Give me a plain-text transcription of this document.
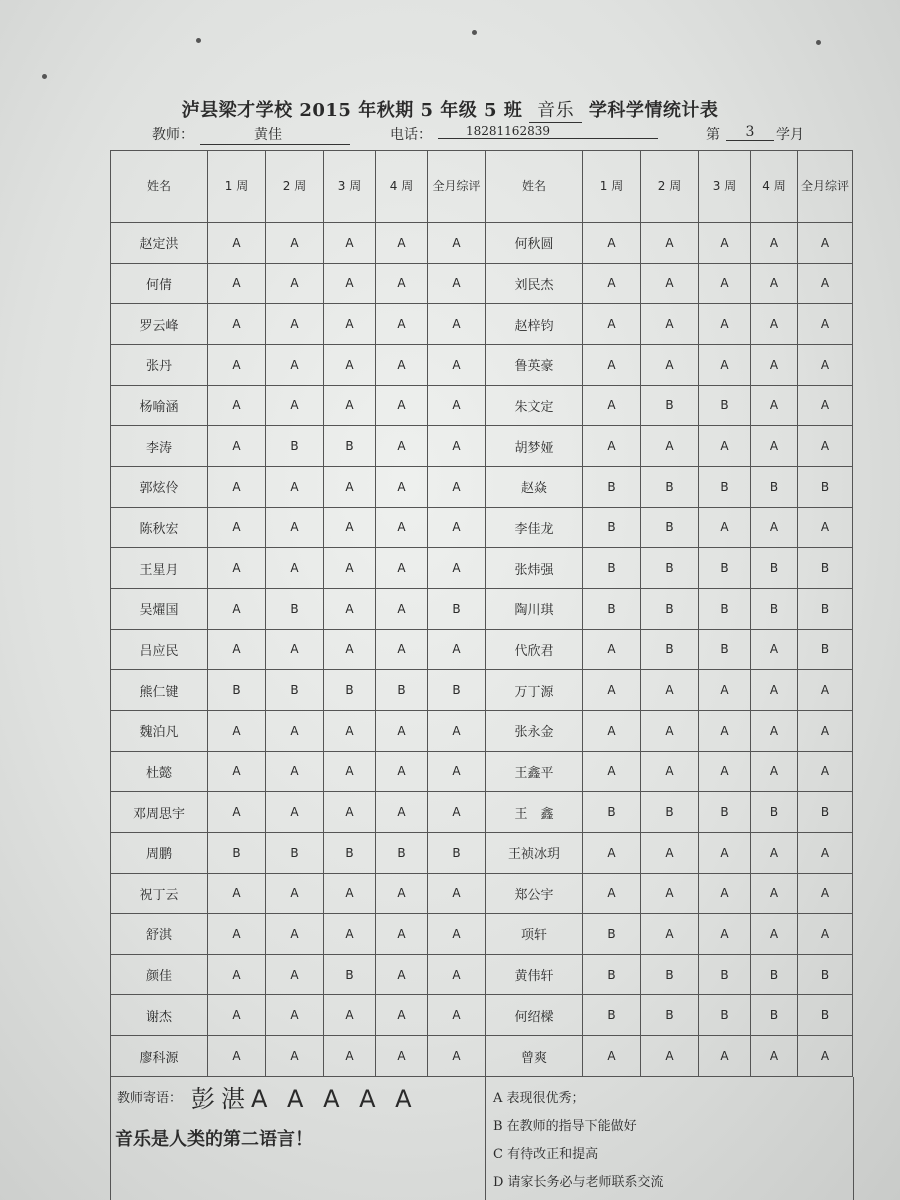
泸县梁才学校 2015 年秋期 5 年级 5 班 音乐 学科学情统计表
教师：	黄佳	电话：	18281162839	第	3	学月
姓名	1 周	2 周	3 周	4 周	全月综评	姓名	1 周	2 周	3 周	4 周	全月综评
赵定洪	A	A	A	A	A	何秋圆	A	A	A	A	A
何倩	A	A	A	A	A	刘民杰	A	A	A	A	A
罗云峰	A	A	A	A	A	赵梓钧	A	A	A	A	A
张丹	A	A	A	A	A	鲁英豪	A	A	A	A	A
杨喻涵	A	A	A	A	A	朱文定	A	B	B	A	A
李涛	A	B	B	A	A	胡梦娅	A	A	A	A	A
郭炫伶	A	A	A	A	A	赵焱	B	B	B	B	B
陈秋宏	A	A	A	A	A	李佳龙	B	B	A	A	A
王星月	A	A	A	A	A	张炜强	B	B	B	B	B
吴燿国	A	B	A	A	B	陶川琪	B	B	B	B	B
吕应民	A	A	A	A	A	代欣君	A	B	B	A	B
熊仁键	B	B	B	B	B	万丁源	A	A	A	A	A
魏泊凡	A	A	A	A	A	张永金	A	A	A	A	A
杜懿	A	A	A	A	A	王鑫平	A	A	A	A	A
邓周思宇	A	A	A	A	A	王　鑫	B	B	B	B	B
周鹏	B	B	B	B	B	王祯冰玥	A	A	A	A	A
祝丁云	A	A	A	A	A	郑公宇	A	A	A	A	A
舒淇	A	A	A	A	A	项轩	B	A	A	A	A
颜佳	A	A	B	A	A	黄伟轩	B	B	B	B	B
谢杰	A	A	A	A	A	何绍樑	B	B	B	B	B
廖科源	A	A	A	A	A	曾爽	A	A	A	A	A
教师寄语： 彭湛A A A A A
音乐是人类的第二语言！
A 表现很优秀；
B 在教师的指导下能做好
C 有待改正和提高
D 请家长务必与老师联系交流
